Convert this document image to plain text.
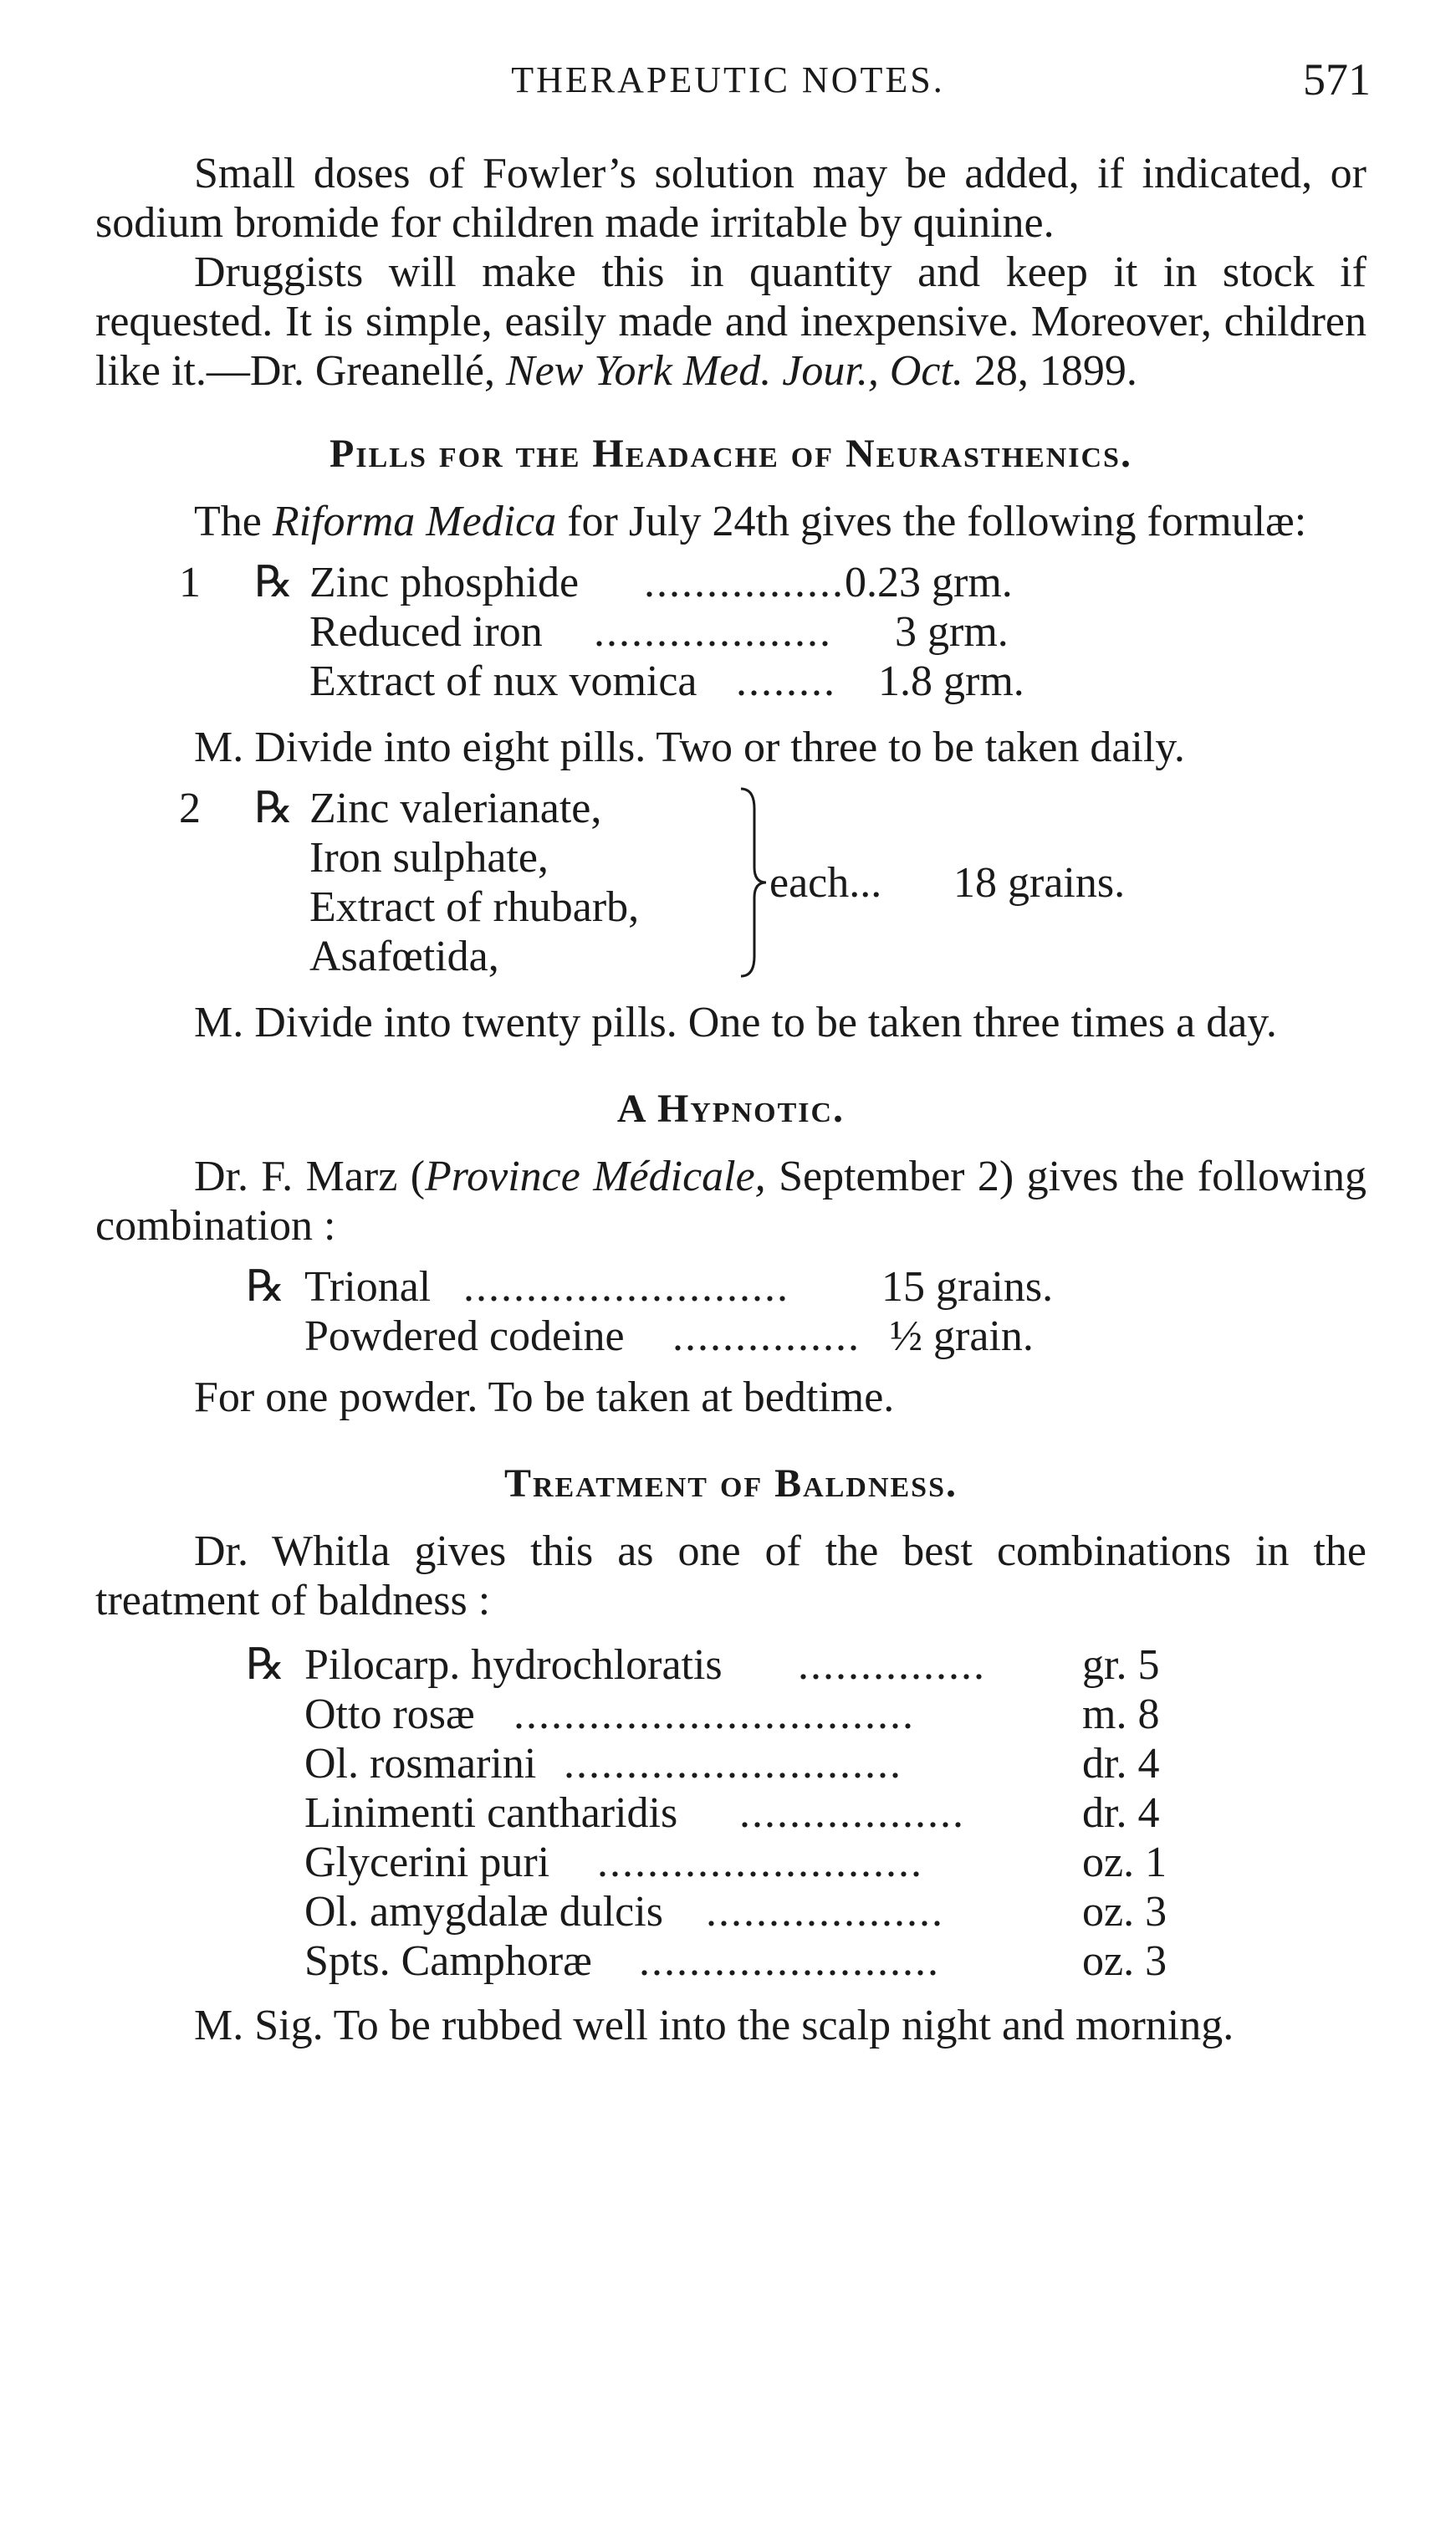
THERAPEUTIC NOTES.	571

Small doses of Fowler’s solution may be added, if indicated, or sodium bromide for children made irritable by quinine.

Druggists will make this in quantity and keep it in stock if requested. It is simple, easily made and inexpensive. Moreover, children like it.—Dr. Greanellé, New York Med. Jour., Oct. 28, 1899.

Pills for the Headache of Neurasthenics.

The Riforma Medica for July 24th gives the following formulæ:

1	℞ Zinc phosphide	................ 0.23 grm.
Reduced iron	................... 3 grm.
Extract of nux vomica ........ 1.8 grm.

M. Divide into eight pills. Two or three to be taken daily.

2	℞ Zinc valerianate,
Iron sulphate,
Extract of rhubarb,
Asafœtida,
each...	18 grains.

M. Divide into twenty pills. One to be taken three times a day.

A Hypnotic.

Dr. F. Marz (Province Médicale, September 2) gives the following combination :

℞ Trional ..........................	15 grains.
Powdered codeine	............... ½ grain.

For one powder. To be taken at bedtime.

Treatment of Baldness.

Dr. Whitla gives this as one of the best combinations in the treatment of baldness :

℞ Pilocarp. hydrochloratis	...............	gr. 5
Otto rosæ ................................	m. 8
Ol. rosmarini ...........................	dr. 4
Linimenti cantharidis	..................	dr. 4
Glycerini puri	..........................	oz. 1
Ol. amygdalæ dulcis ...................	oz. 3
Spts. Camphoræ	........................	oz. 3

M. Sig. To be rubbed well into the scalp night and morning.
